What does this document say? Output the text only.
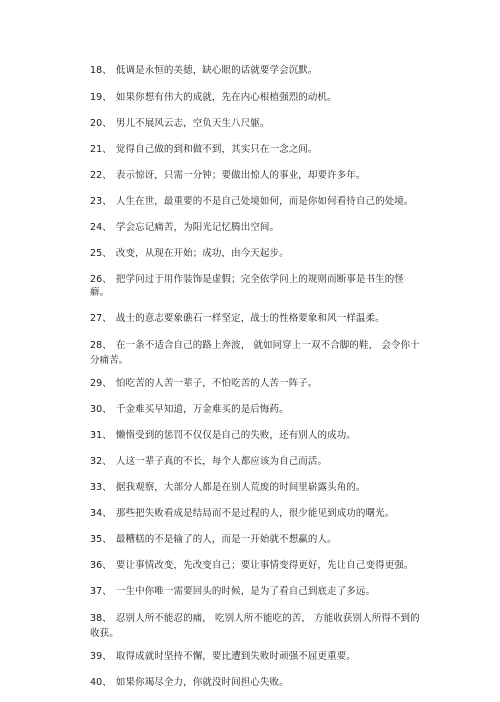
18、 低调是永恒的美德，缺心眼的话就要学会沉默。
19、 如果你想有伟大的成就，先在内心根植强烈的动机。
20、 男儿不展风云志，空负天生八尺躯。
21、 觉得自己做的到和做不到，其实只在一念之间。
22、 表示惊讶，只需一分钟；要做出惊人的事业，却要许多年。
23、 人生在世，最重要的不是自己处境如何，而是你如何看待自己的处境。
24、 学会忘记痛苦，为阳光记忆腾出空间。
25、 改变，从现在开始；成功，由今天起步。
26、 把学问过于用作装饰是虚假；完全依学问上的规则而断事是书生的怪癖。
27、 战士的意志要象礁石一样坚定，战士的性格要象和风一样温柔。
28、 在一条不适合自己的路上奔波， 就如同穿上一双不合脚的鞋， 会令你十分痛苦。
29、 怕吃苦的人苦一辈子，不怕吃苦的人苦一阵子。
30、 千金难买早知道，万金难买的是后悔药。
31、 懒惰受到的惩罚不仅仅是自己的失败，还有别人的成功。
32、 人这一辈子真的不长，每个人都应该为自己而活。
33、 据我观察，大部分人都是在别人荒废的时间里崭露头角的。
34、 那些把失败看成是结局而不是过程的人，很少能见到成功的曙光。
35、 最糟糕的不是输了的人，而是一开始就不想赢的人。
36、 要让事情改变，先改变自己；要让事情变得更好，先让自己变得更强。
37、 一生中你唯一需要回头的时候，是为了看自己到底走了多远。
38、 忍别人所不能忍的痛， 吃别人所不能吃的苦， 方能收获别人所得不到的收获。
39、 取得成就时坚持不懈，要比遭到失败时顽强不屈更重要。
40、 如果你竭尽全力，你就没时间担心失败。
